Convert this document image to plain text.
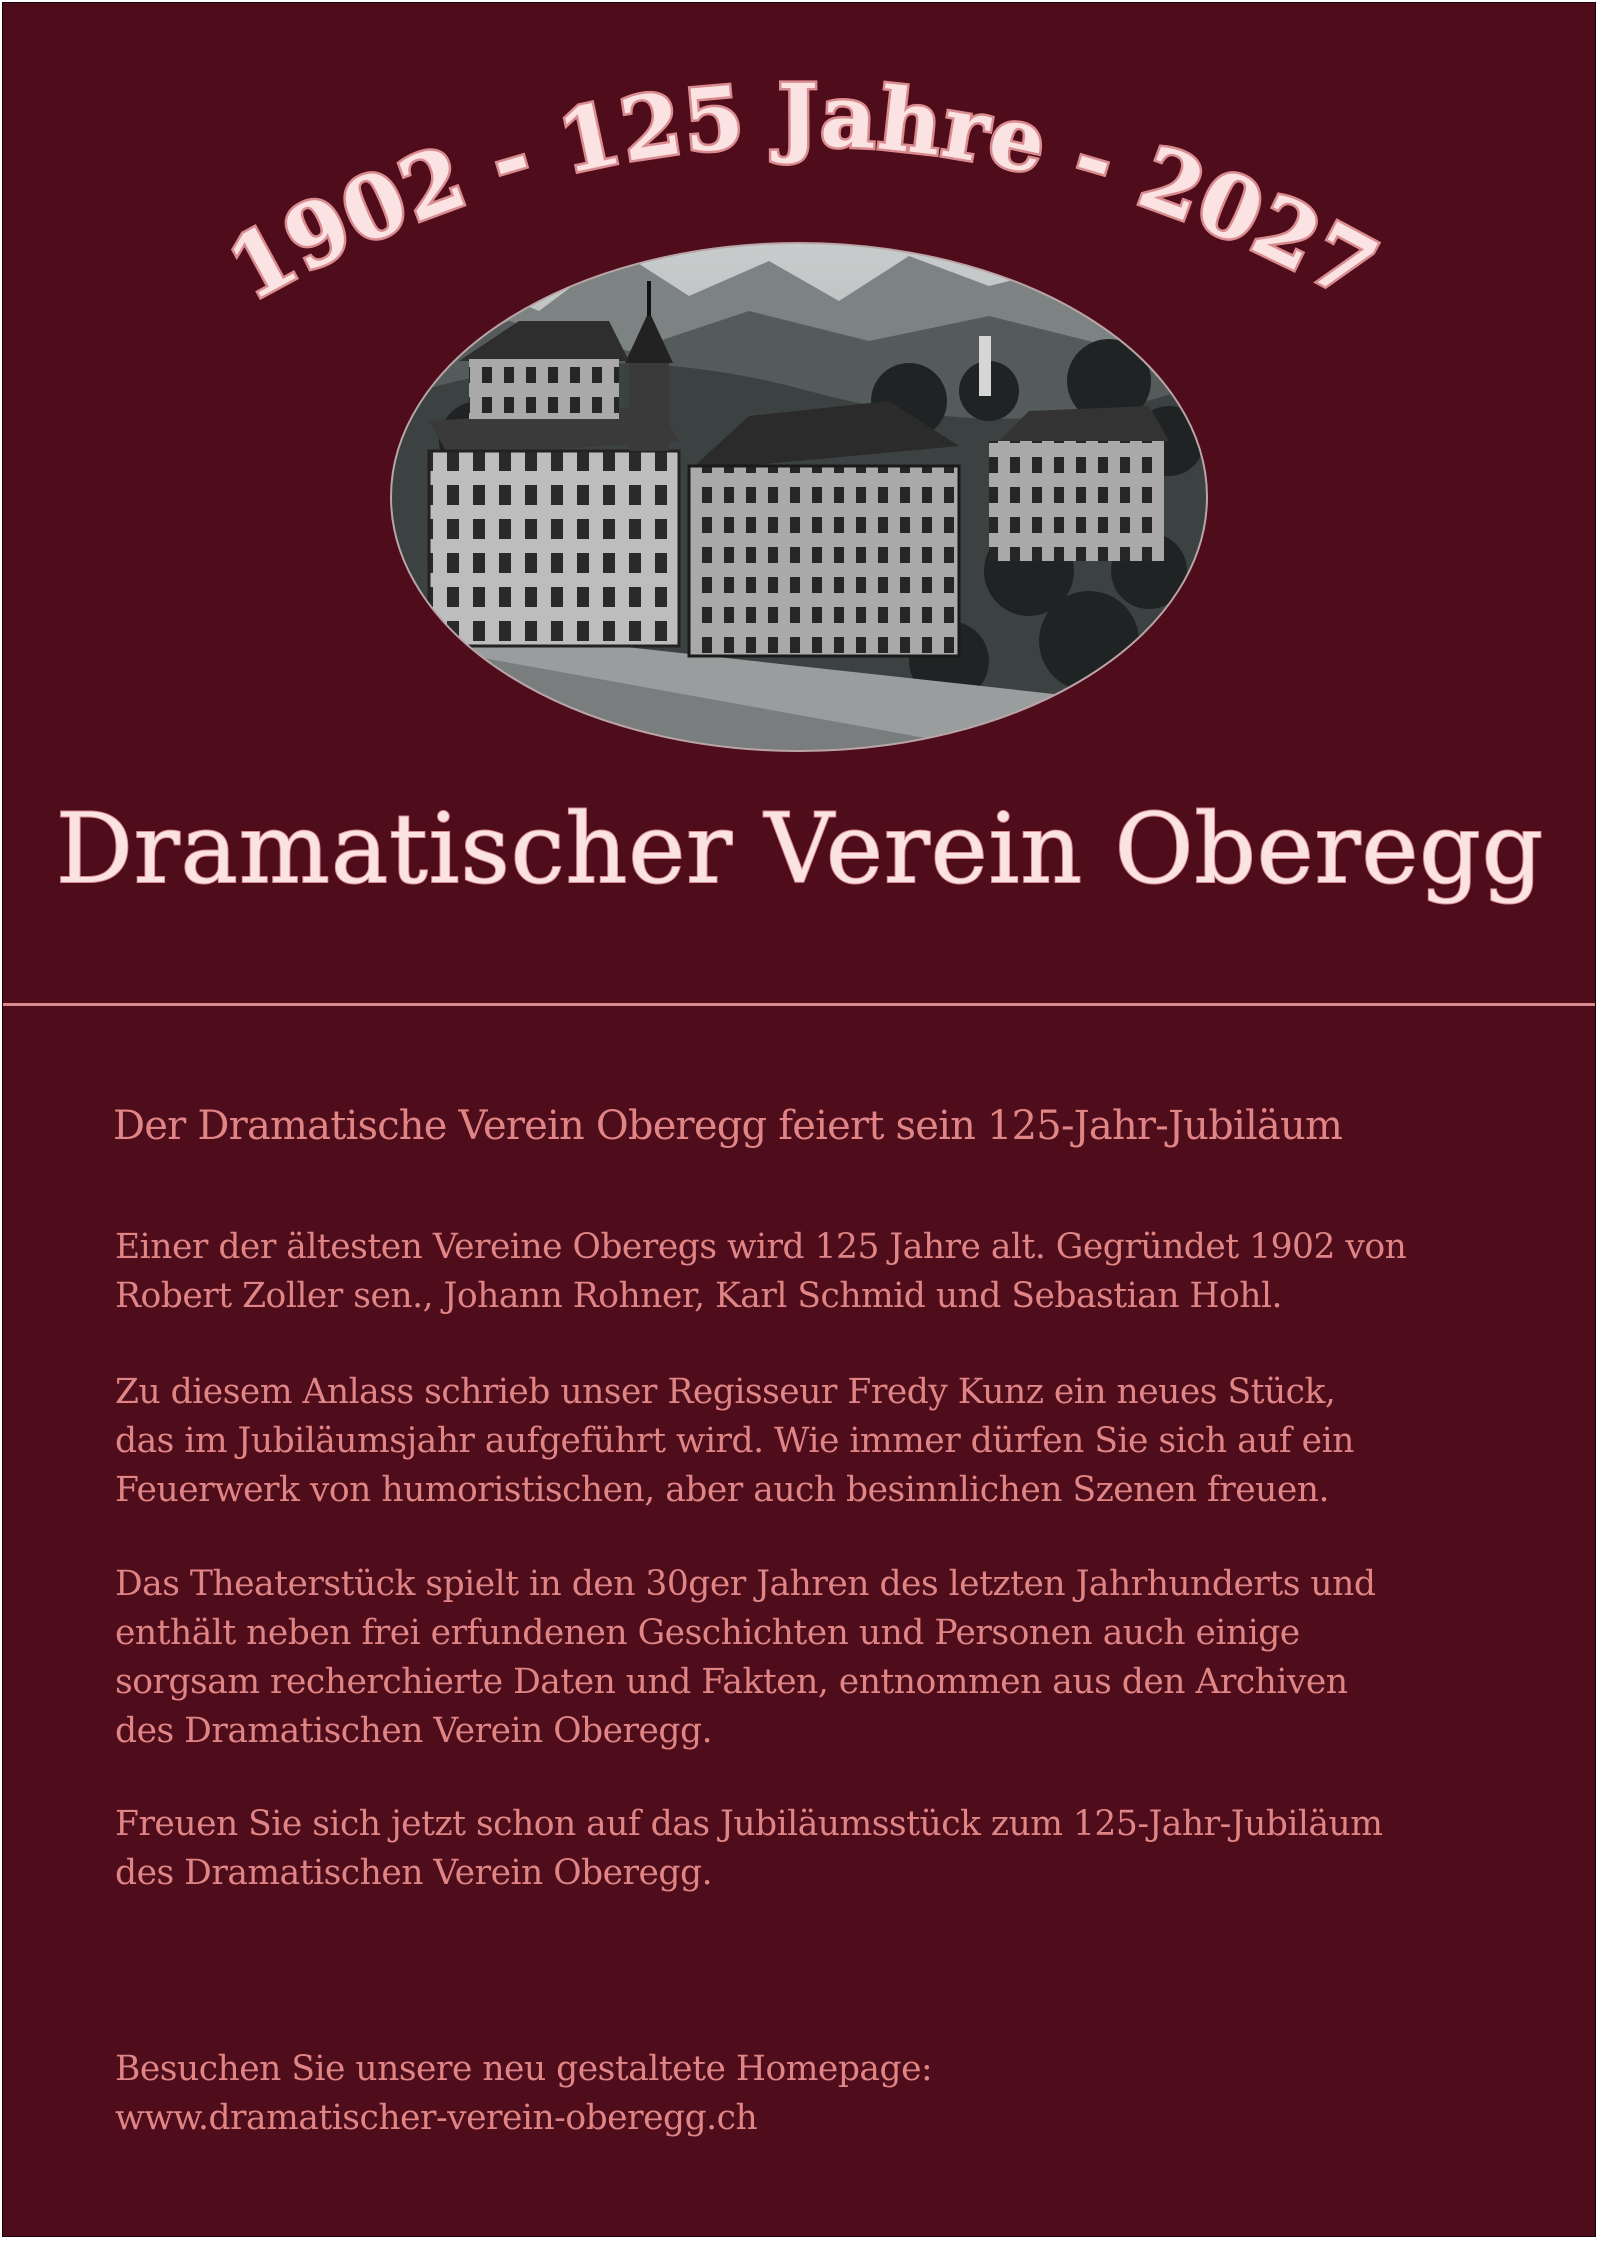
1902 - 125 Jahre - 2027
Dramatischer Verein Oberegg
Der Dramatische Verein Oberegg feiert sein 125-Jahr-Jubiläum
Einer der ältesten Vereine Oberegs wird 125 Jahre alt. Gegründet 1902 von
Robert Zoller sen., Johann Rohner, Karl Schmid und Sebastian Hohl.
Zu diesem Anlass schrieb unser Regisseur Fredy Kunz ein neues Stück,
das im Jubiläumsjahr aufgeführt wird. Wie immer dürfen Sie sich auf ein
Feuerwerk von humoristischen, aber auch besinnlichen Szenen freuen.
Das Theaterstück spielt in den 30ger Jahren des letzten Jahrhunderts und
enthält neben frei erfundenen Geschichten und Personen auch einige
sorgsam recherchierte Daten und Fakten, entnommen aus den Archiven
des Dramatischen Verein Oberegg.
Freuen Sie sich jetzt schon auf das Jubiläumsstück zum 125-Jahr-Jubiläum
des Dramatischen Verein Oberegg.
Besuchen Sie unsere neu gestaltete Homepage:
www.dramatischer-verein-oberegg.ch
